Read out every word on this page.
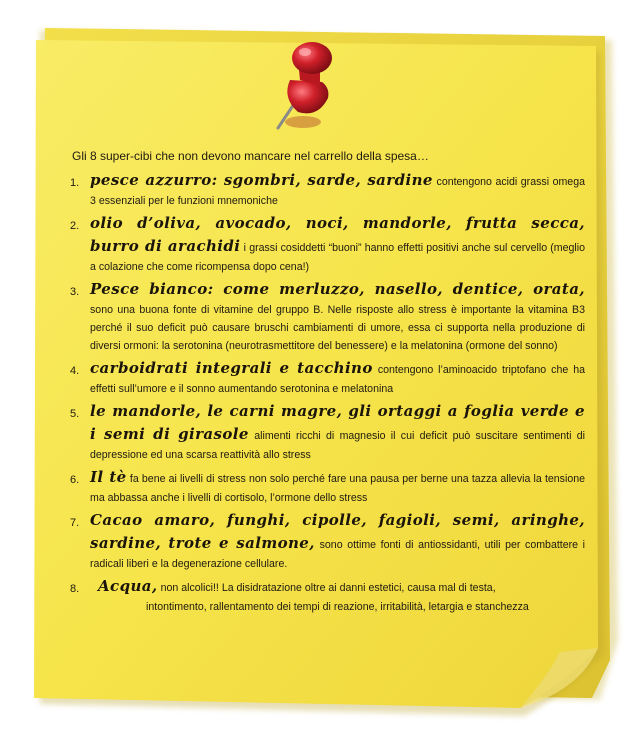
Gli 8 super-cibi che non devono mancare nel carrello della spesa…

1. pesce azzurro: sgombri, sarde, sardine contengono acidi grassi omega 3 essenziali per le funzioni mnemoniche
2. olio d’oliva, avocado, noci, mandorle, frutta secca, burro di arachidi i grassi cosiddetti “buoni” hanno effetti positivi anche sul cervello (meglio a colazione che come ricompensa dopo cena!)
3. Pesce bianco: come merluzzo, nasello, dentice, orata, sono una buona fonte di vitamine del gruppo B. Nelle risposte allo stress è importante la vitamina B3 perché il suo deficit può causare bruschi cambiamenti di umore, essa ci supporta nella produzione di diversi ormoni: la serotonina (neurotrasmettitore del benessere) e la melatonina (ormone del sonno)
4. carboidrati integrali e tacchino contengono l’aminoacido triptofano che ha effetti sull’umore e il sonno aumentando serotonina e melatonina
5. le mandorle, le carni magre, gli ortaggi a foglia verde e i semi di girasole alimenti ricchi di magnesio il cui deficit può suscitare sentimenti di depressione ed una scarsa reattività allo stress
6. Il tè fa bene ai livelli di stress non solo perché fare una pausa per berne una tazza allevia la tensione ma abbassa anche i livelli di cortisolo, l’ormone dello stress
7. Cacao amaro, funghi, cipolle, fagioli, semi, aringhe, sardine, trote e salmone, sono ottime fonti di antiossidanti, utili per combattere i radicali liberi e la degenerazione cellulare.
8.	Acqua, non alcolici!! La disidratazione oltre ai danni estetici, causa mal di testa,
intontimento, rallentamento dei tempi di reazione, irritabilità, letargia e stanchezza
